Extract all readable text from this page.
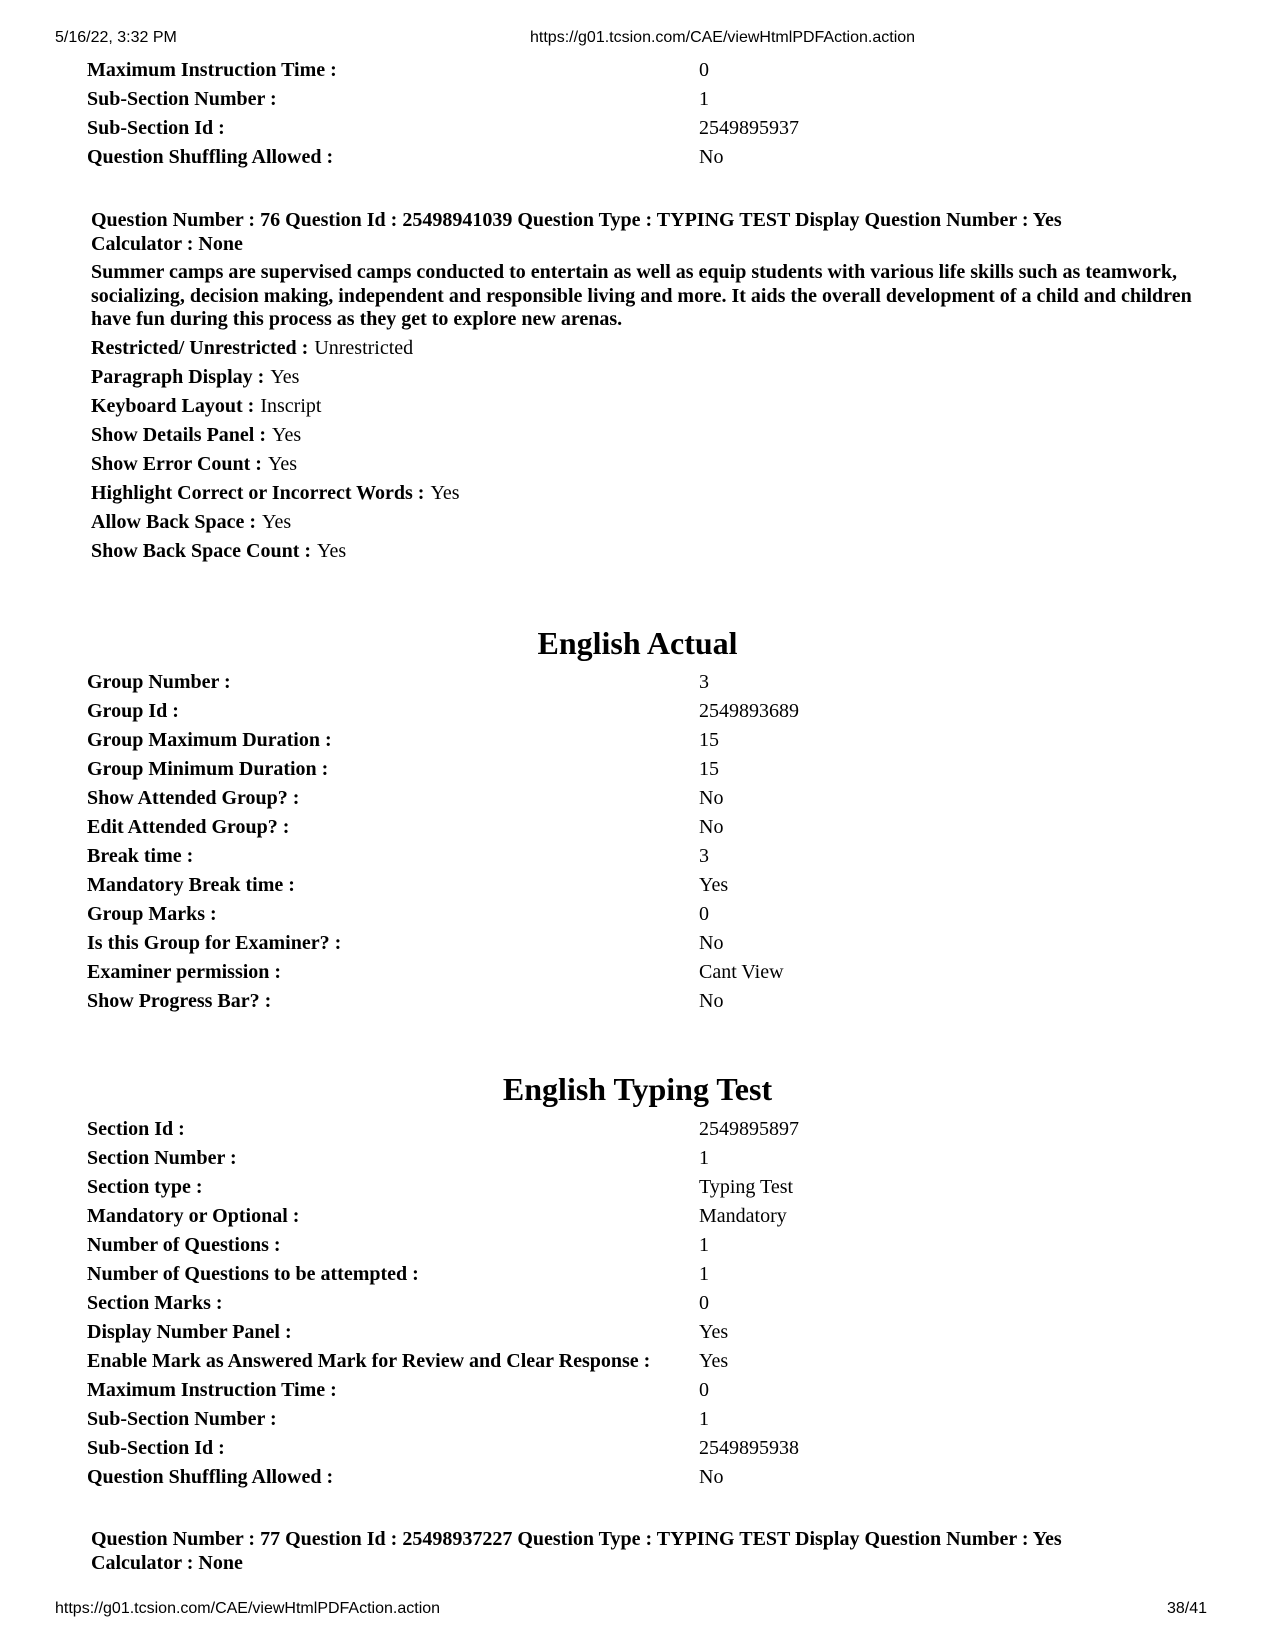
5/16/22, 3:32 PM	https://g01.tcsion.com/CAE/viewHtmlPDFAction.action
Maximum Instruction Time :	0
Sub-Section Number :	1
Sub-Section Id :	2549895937
Question Shuffling Allowed :	No
Question Number : 76 Question Id : 25498941039 Question Type : TYPING TEST Display Question Number : Yes
Calculator : None
Summer camps are supervised camps conducted to entertain as well as equip students with various life skills such as teamwork, socializing, decision making, independent and responsible living and more. It aids the overall development of a child and children have fun during this process as they get to explore new arenas.
Restricted/ Unrestricted : Unrestricted
Paragraph Display : Yes
Keyboard Layout : Inscript
Show Details Panel : Yes
Show Error Count : Yes
Highlight Correct or Incorrect Words : Yes
Allow Back Space : Yes
Show Back Space Count : Yes
English Actual
Group Number :	3
Group Id :	2549893689
Group Maximum Duration :	15
Group Minimum Duration :	15
Show Attended Group? :	No
Edit Attended Group? :	No
Break time :	3
Mandatory Break time :	Yes
Group Marks :	0
Is this Group for Examiner? :	No
Examiner permission :	Cant View
Show Progress Bar? :	No
English Typing Test
Section Id :	2549895897
Section Number :	1
Section type :	Typing Test
Mandatory or Optional :	Mandatory
Number of Questions :	1
Number of Questions to be attempted :	1
Section Marks :	0
Display Number Panel :	Yes
Enable Mark as Answered Mark for Review and Clear Response :	Yes
Maximum Instruction Time :	0
Sub-Section Number :	1
Sub-Section Id :	2549895938
Question Shuffling Allowed :	No
Question Number : 77 Question Id : 25498937227 Question Type : TYPING TEST Display Question Number : Yes
Calculator : None
https://g01.tcsion.com/CAE/viewHtmlPDFAction.action	38/41
